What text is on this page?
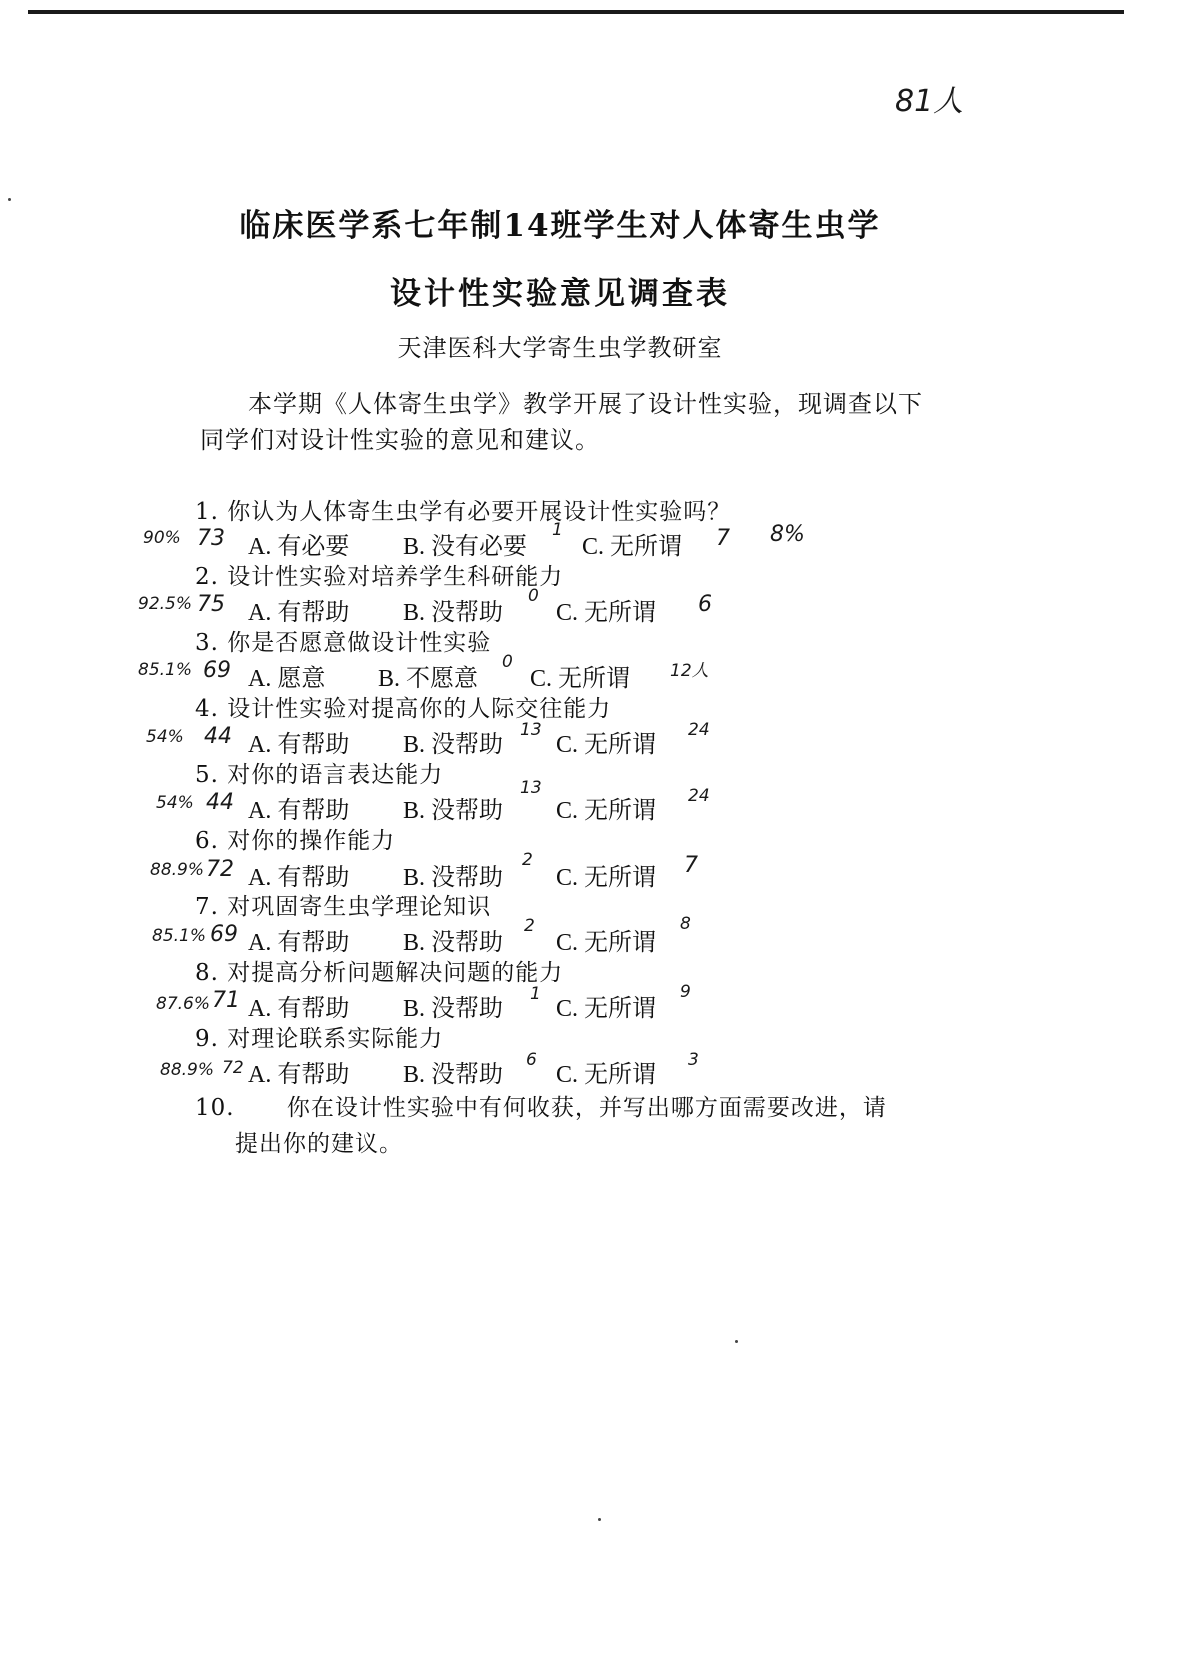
81人
临床医学系七年制14班学生对人体寄生虫学
设计性实验意见调查表
天津医科大学寄生虫学教研室
本学期《人体寄生虫学》教学开展了设计性实验，现调查以下同学们对设计性实验的意见和建议。
1. 你认为人体寄生虫学有必要开展设计性实验吗？
90% 73 A. 有必要 B. 没有必要
1
C. 无所谓 7 8%
2. 设计性实验对培养学生科研能力
92.5% 75 A. 有帮助 B. 没帮助
0
C. 无所谓 6
3. 你是否愿意做设计性实验
85.1% 69 A. 愿意 B. 不愿意
0
C. 无所谓 12人
4. 设计性实验对提高你的人际交往能力
54% 44 A. 有帮助 B. 没帮助
13
C. 无所谓
24
5. 对你的语言表达能力
54% 44 A. 有帮助 B. 没帮助
13
C. 无所谓
24
6. 对你的操作能力
88.9% 72 A. 有帮助 B. 没帮助
2
C. 无所谓 7
7. 对巩固寄生虫学理论知识
85.1% 69 A. 有帮助 B. 没帮助
2
C. 无所谓
8
8. 对提高分析问题解决问题的能力
87.6% 71 A. 有帮助 B. 没帮助
1
C. 无所谓
9
9. 对理论联系实际能力
88.9% 72 A. 有帮助 B. 没帮助
6
C. 无所谓
3
10. 你在设计性实验中有何收获，并写出哪方面需要改进，请
提出你的建议。
